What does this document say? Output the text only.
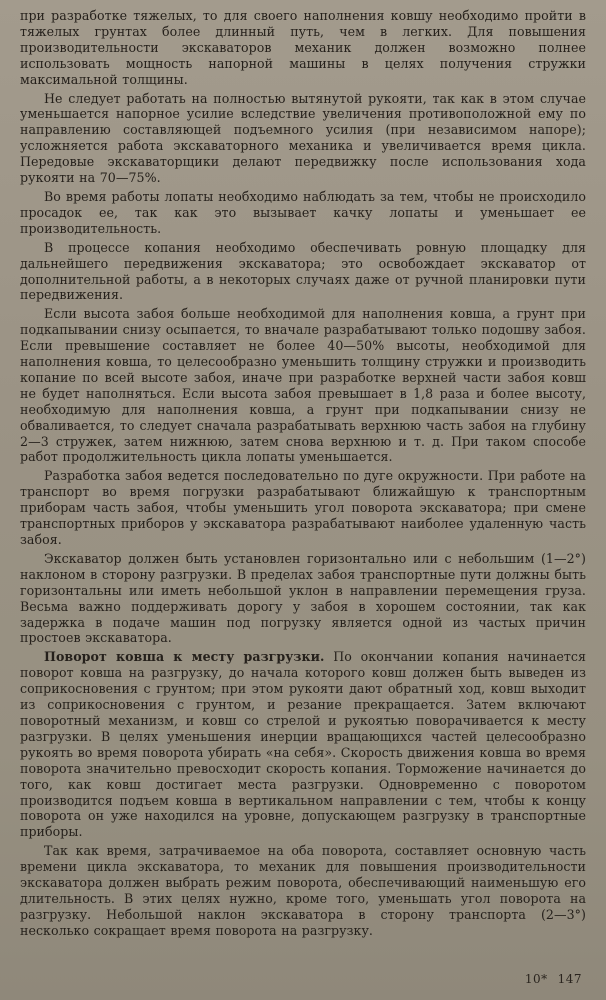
при разработке тяжелых, то для своего наполнения ковшу необходимо пройти в тяжелых грунтах более длинный путь, чем в легких. Для повышения производительности экскаваторов механик должен возможно полнее использовать мощность напорной машины в целях получения стружки максимальной толщины.

Не следует работать на полностью вытянутой рукояти, так как в этом случае уменьшается напорное усилие вследствие увеличения противоположной ему по направлению составляющей подъемного усилия (при независимом напоре); усложняется работа экскаваторного механика и увеличивается время цикла. Передовые экскаваторщики делают передвижку после использования хода рукояти на 70—75%.

Во время работы лопаты необходимо наблюдать за тем, чтобы не происходило просадок ее, так как это вызывает качку лопаты и уменьшает ее производительность.

В процессе копания необходимо обеспечивать ровную площадку для дальнейшего передвижения экскаватора; это освобождает экскаватор от дополнительной работы, а в некоторых случаях даже от ручной планировки пути передвижения.

Если высота забоя больше необходимой для наполнения ковша, а грунт при подкапывании снизу осыпается, то вначале разрабатывают только подошву забоя. Если превышение составляет не более 40—50% высоты, необходимой для наполнения ковша, то целесообразно уменьшить толщину стружки и производить копание по всей высоте забоя, иначе при разработке верхней части забоя ковш не будет наполняться. Если высота забоя превышает в 1,8 раза и более высоту, необходимую для наполнения ковша, а грунт при подкапывании снизу не обваливается, то следует сначала разрабатывать верхнюю часть забоя на глубину 2—3 стружек, затем нижнюю, затем снова верхнюю и т. д. При таком способе работ продолжительность цикла лопаты уменьшается.

Разработка забоя ведется последовательно по дуге окружности. При работе на транспорт во время погрузки разрабатывают ближайшую к транспортным приборам часть забоя, чтобы уменьшить угол поворота экскаватора; при смене транспортных приборов у экскаватора разрабатывают наиболее удаленную часть забоя.

Экскаватор должен быть установлен горизонтально или с небольшим (1—2°) наклоном в сторону разгрузки. В пределах забоя транспортные пути должны быть горизонтальны или иметь небольшой уклон в направлении перемещения груза. Весьма важно поддерживать дорогу у забоя в хорошем состоянии, так как задержка в подаче машин под погрузку является одной из частых причин простоев экскаватора.

Поворот ковша к месту разгрузки. По окончании копания начинается поворот ковша на разгрузку, до начала которого ковш должен быть выведен из соприкосновения с грунтом; при этом рукояти дают обратный ход, ковш выходит из соприкосновения с грунтом, и резание прекращается. Затем включают поворотный механизм, и ковш со стрелой и рукоятью поворачивается к месту разгрузки. В целях уменьшения инерции вращающихся частей целесообразно рукоять во время поворота убирать «на себя». Скорость движения ковша во время поворота значительно превосходит скорость копания. Торможение начинается до того, как ковш достигает места разгрузки. Одновременно с поворотом производится подъем ковша в вертикальном направлении с тем, чтобы к концу поворота он уже находился на уровне, допускающем разгрузку в транспортные приборы.

Так как время, затрачиваемое на оба поворота, составляет основную часть времени цикла экскаватора, то механик для повышения производительности экскаватора должен выбрать режим поворота, обеспечивающий наименьшую его длительность. В этих целях нужно, кроме того, уменьшать угол поворота на разгрузку. Небольшой наклон экскаватора в сторону транспорта (2—3°) несколько сокращает время поворота на разгрузку.

10* 147
